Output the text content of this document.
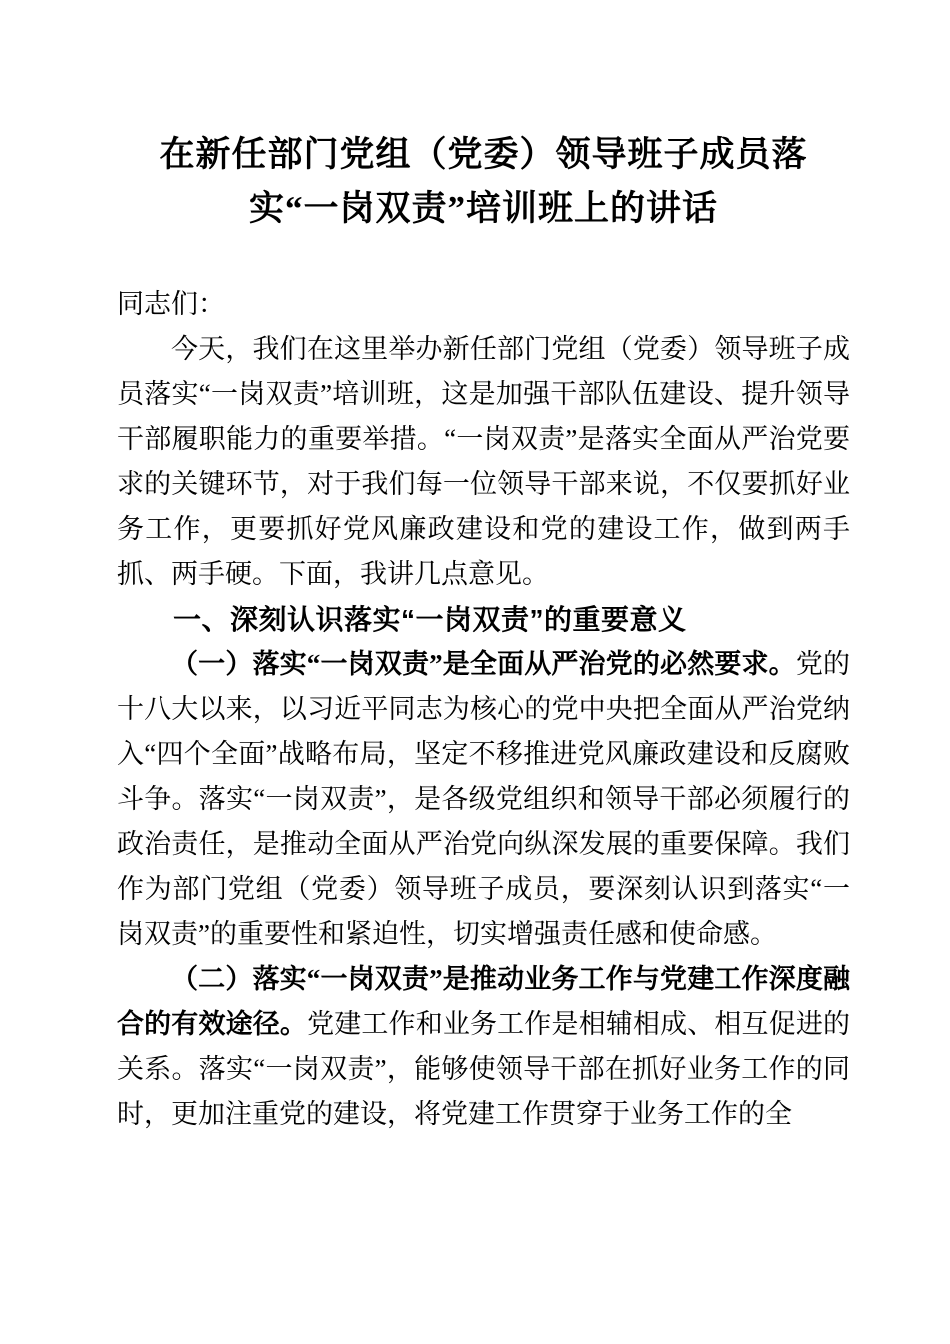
在新任部门党组（党委）领导班子成员落实“一岗双责”培训班上的讲话

同志们：

今天，我们在这里举办新任部门党组（党委）领导班子成员落实“一岗双责”培训班，这是加强干部队伍建设、提升领导干部履职能力的重要举措。“一岗双责”是落实全面从严治党要求的关键环节，对于我们每一位领导干部来说，不仅要抓好业务工作，更要抓好党风廉政建设和党的建设工作，做到两手抓、两手硬。下面，我讲几点意见。

一、深刻认识落实“一岗双责”的重要意义

（一）落实“一岗双责”是全面从严治党的必然要求。党的十八大以来，以习近平同志为核心的党中央把全面从严治党纳入“四个全面”战略布局，坚定不移推进党风廉政建设和反腐败斗争。落实“一岗双责”，是各级党组织和领导干部必须履行的政治责任，是推动全面从严治党向纵深发展的重要保障。我们作为部门党组（党委）领导班子成员，要深刻认识到落实“一岗双责”的重要性和紧迫性，切实增强责任感和使命感。

（二）落实“一岗双责”是推动业务工作与党建工作深度融合的有效途径。党建工作和业务工作是相辅相成、相互促进的关系。落实“一岗双责”，能够使领导干部在抓好业务工作的同时，更加注重党的建设，将党建工作贯穿于业务工作的全
